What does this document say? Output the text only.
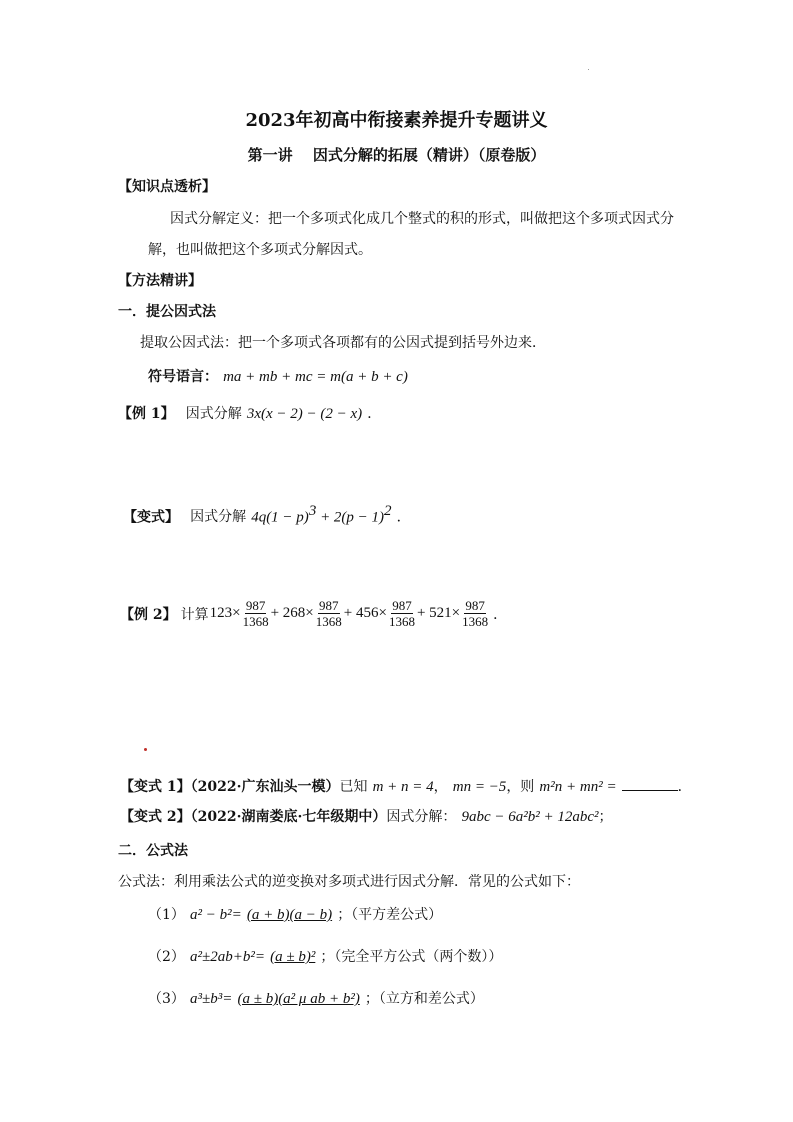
2023年初高中衔接素养提升专题讲义
第一讲　 因式分解的拓展（精讲）（原卷版）
【知识点透析】
因式分解定义：把一个多项式化成几个整式的积的形式，叫做把这个多项式因式分
解，也叫做把这个多项式分解因式。
【方法精讲】
一．提公因式法
提取公因式法：把一个多项式各项都有的公因式提到括号外边来．
符号语言： ma + mb + mc = m(a + b + c)
【例 1】 因式分解 3x(x − 2) − (2 − x) ．
【变式】 因式分解 $4q(1 - p)^3 + 2(p - 1)^2$ ．
【例 2】 计算 $123\times \frac{987}{1368} + 268\times \frac{987}{1368} + 456\times \frac{987}{1368} + 521\times \frac{987}{1368}$ ．
【变式 1】（2022·广东汕头一模）已知 m + n = 4， mn = −5，则 m²n + mn² =	．
【变式 2】（2022·湖南娄底·七年级期中）因式分解： 9abc − 6a²b² + 12abc²；
二．公式法
公式法：利用乘法公式的逆变换对多项式进行因式分解．常见的公式如下：
（1） a² − b²= (a + b)(a − b) ；（平方差公式）
（2） a²±2ab+b²= (a ± b)² ；（完全平方公式（两个数））
（3） a³±b³= (a ± b)(a² μ ab + b²) ；（立方和差公式）
